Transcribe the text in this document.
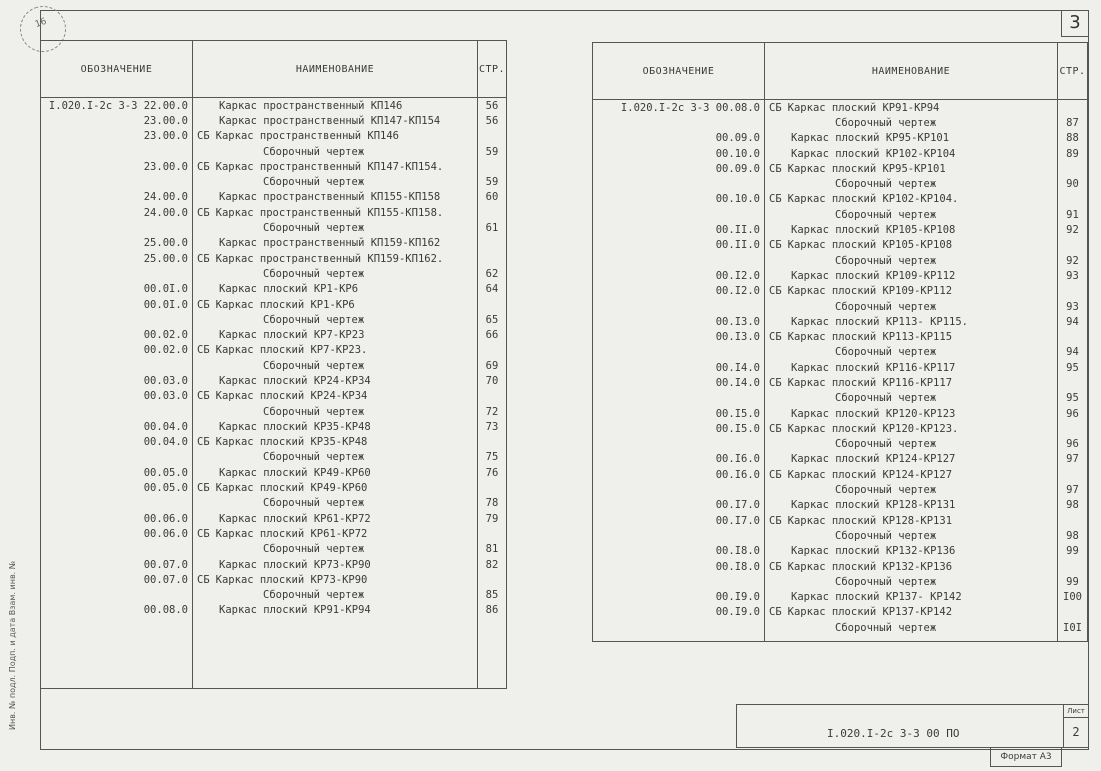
3
16
Инв. № подл. Подп. и дата Взам. инв. №
ОБОЗНАЧЕНИЕ	НАИМЕНОВАНИЕ	СТР.
I.020.I-2с 3-3 22.00.0	Каркас пространственный КП146	56
23.00.0	Каркас пространственный КП147-КП154	56
23.00.0	СБ Каркас пространственный КП146	
	Сборочный чертеж	59
23.00.0	СБ Каркас пространственный КП147-КП154.	
	Сборочный чертеж	59
24.00.0	Каркас пространственный КП155-КП158	60
24.00.0	СБ Каркас пространственный КП155-КП158.	
	Сборочный чертеж	61
25.00.0	Каркас пространственный КП159-КП162	
25.00.0	СБ Каркас пространственный КП159-КП162.	
	Сборочный чертеж	62
00.0I.0	Каркас плоский КР1-КР6	64
00.0I.0	СБ Каркас плоский КР1-КР6	
	Сборочный чертеж	65
00.02.0	Каркас плоский КР7-КР23	66
00.02.0	СБ Каркас плоский КР7-КР23.	
	Сборочный чертеж	69
00.03.0	Каркас плоский КР24-КР34	70
00.03.0	СБ Каркас плоский КР24-КР34	
	Сборочный чертеж	72
00.04.0	Каркас плоский КР35-КР48	73
00.04.0	СБ Каркас плоский КР35-КР48	
	Сборочный чертеж	75
00.05.0	Каркас плоский КР49-КР60	76
00.05.0	СБ Каркас плоский КР49-КР60	
	Сборочный чертеж	78
00.06.0	Каркас плоский КР61-КР72	79
00.06.0	СБ Каркас плоский КР61-КР72	
	Сборочный чертеж	81
00.07.0	Каркас плоский КР73-КР90	82
00.07.0	СБ Каркас плоский КР73-КР90	
	Сборочный чертеж	85
00.08.0	Каркас плоский КР91-КР94	86

ОБОЗНАЧЕНИЕ	НАИМЕНОВАНИЕ	СТР.
I.020.I-2с 3-3 00.08.0	СБ Каркас плоский КР91-КР94	
	Сборочный чертеж	87
00.09.0	Каркас плоский КР95-КР101	88
00.10.0	Каркас плоский КР102-КР104	89
00.09.0	СБ Каркас плоский КР95-КР101	
	Сборочный чертеж	90
00.10.0	СБ Каркас плоский КР102-КР104.	
	Сборочный чертеж	91
00.II.0	Каркас плоский КР105-КР108	92
00.II.0	СБ Каркас плоский КР105-КР108	
	Сборочный чертеж	92
00.I2.0	Каркас плоский КР109-КР112	93
00.I2.0	СБ Каркас плоский КР109-КР112	
	Сборочный чертеж	93
00.I3.0	Каркас плоский КР113- КР115.	94
00.I3.0	СБ Каркас плоский КР113-КР115	
	Сборочный чертеж	94
00.I4.0	Каркас плоский КР116-КР117	95
00.I4.0	СБ Каркас плоский КР116-КР117	
	Сборочный чертеж	95
00.I5.0	Каркас плоский КР120-КР123	96
00.I5.0	СБ Каркас плоский КР120-КР123.	
	Сборочный чертеж	96
00.I6.0	Каркас плоский КР124-КР127	97
00.I6.0	СБ Каркас плоский КР124-КР127	
	Сборочный чертеж	97
00.I7.0	Каркас плоский КР128-КР131	98
00.I7.0	СБ Каркас плоский КР128-КР131	
	Сборочный чертеж	98
00.I8.0	Каркас плоский КР132-КР136	99
00.I8.0	СБ Каркас плоский КР132-КР136	
	Сборочный чертеж	99
00.I9.0	Каркас плоский КР137- КР142	I00
00.I9.0	СБ Каркас плоский КР137-КР142	
	Сборочный чертеж	I0I

I.020.I-2с 3-3 00 ПО
Лист
2
Формат А3
